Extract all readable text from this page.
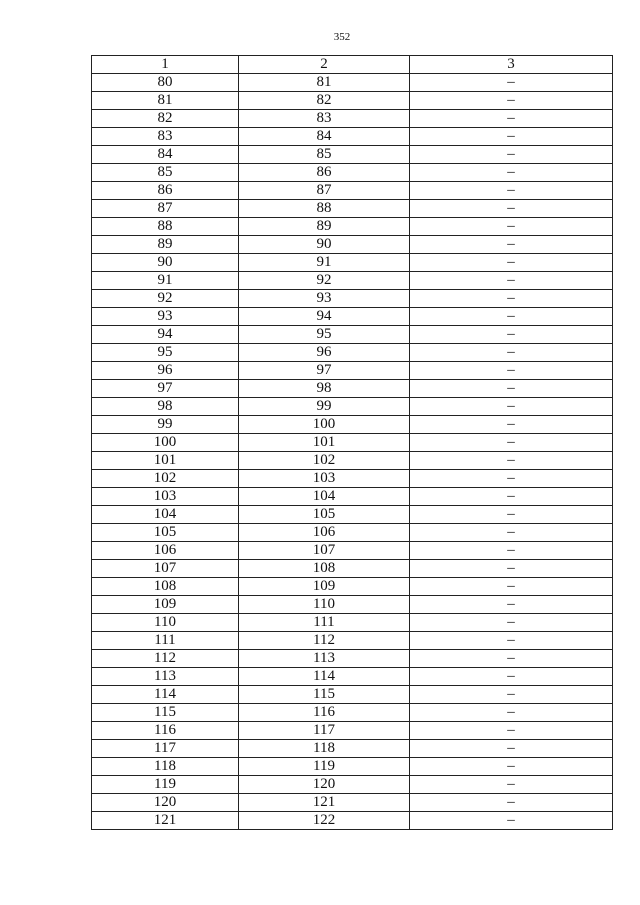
352
1	2	3
80	81	–
81	82	–
82	83	–
83	84	–
84	85	–
85	86	–
86	87	–
87	88	–
88	89	–
89	90	–
90	91	–
91	92	–
92	93	–
93	94	–
94	95	–
95	96	–
96	97	–
97	98	–
98	99	–
99	100	–
100	101	–
101	102	–
102	103	–
103	104	–
104	105	–
105	106	–
106	107	–
107	108	–
108	109	–
109	110	–
110	111	–
111	112	–
112	113	–
113	114	–
114	115	–
115	116	–
116	117	–
117	118	–
118	119	–
119	120	–
120	121	–
121	122	–
